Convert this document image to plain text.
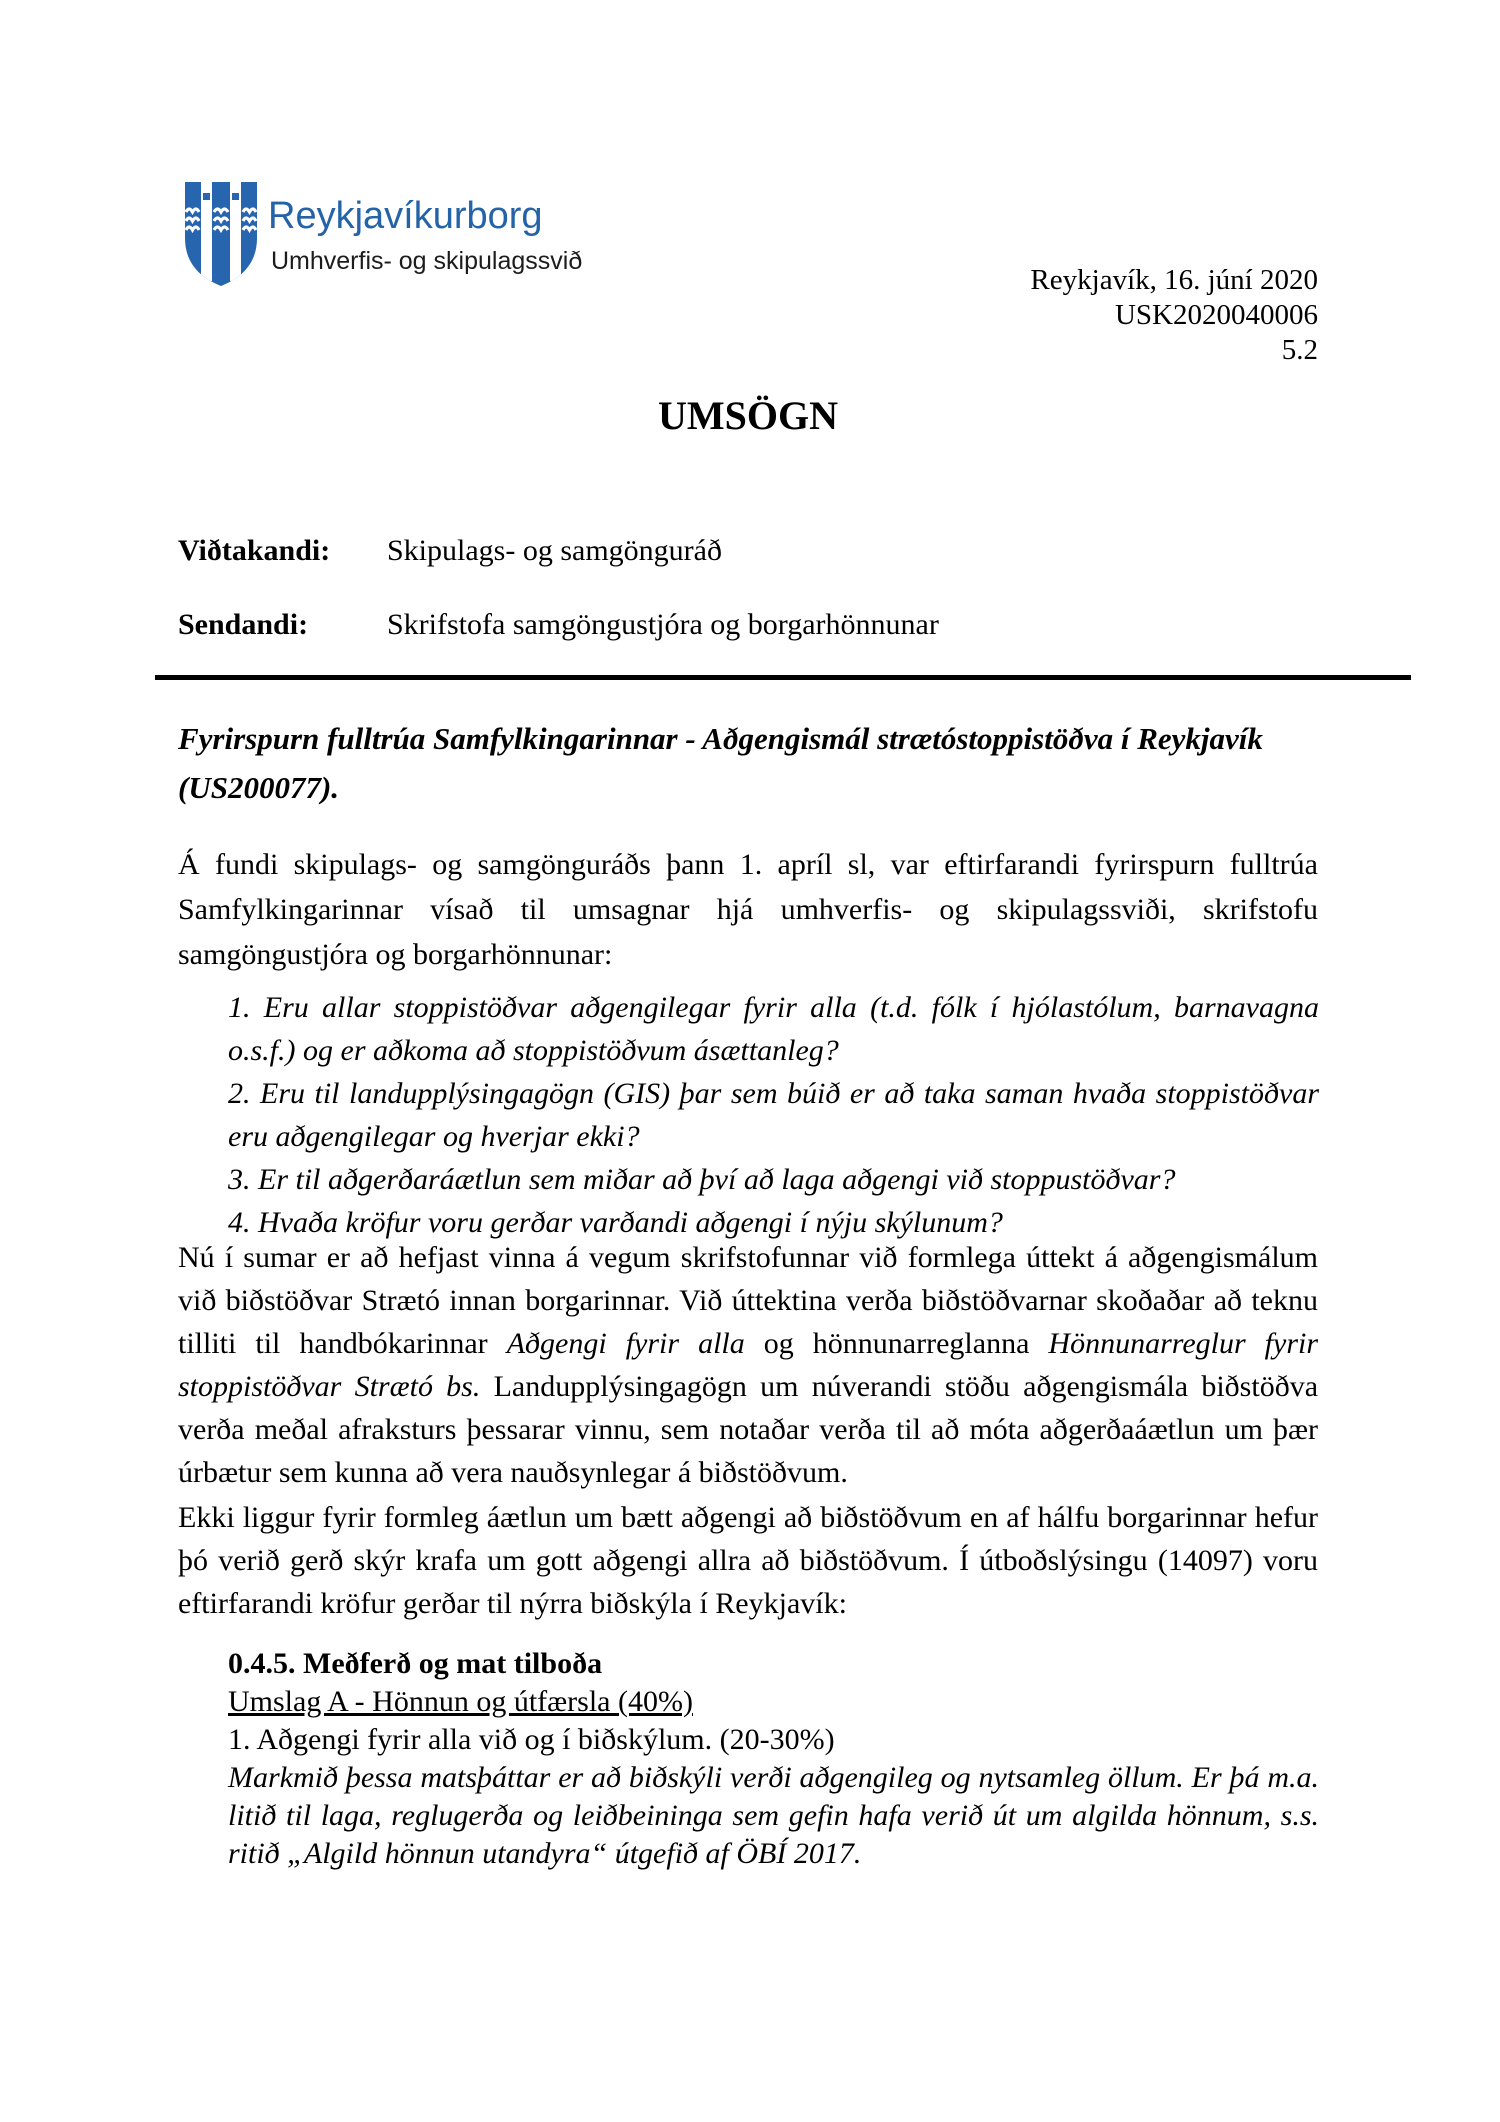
Reykjavíkurborg
Umhverfis- og skipulagssvið
Reykjavík, 16. júní 2020
USK2020040006
5.2
UMSÖGN
Viðtakandi: Skipulags- og samgönguráð
Sendandi:	Skrifstofa samgöngustjóra og borgarhönnunar
Fyrirspurn fulltrúa Samfylkingarinnar - Aðgengismál strætóstoppistöðva í Reykjavík (US200077).
Á fundi skipulags- og samgönguráðs þann 1. apríl sl, var eftirfarandi fyrirspurn fulltrúa Samfylkingarinnar vísað til umsagnar hjá umhverfis- og skipulagssviði, skrifstofu samgöngustjóra og borgarhönnunar:
1. Eru allar stoppistöðvar aðgengilegar fyrir alla (t.d. fólk í hjólastólum, barnavagna o.s.f.) og er aðkoma að stoppistöðvum ásættanleg?
2. Eru til landupplýsingagögn (GIS) þar sem búið er að taka saman hvaða stoppistöðvar eru aðgengilegar og hverjar ekki?
3. Er til aðgerðaráætlun sem miðar að því að laga aðgengi við stoppustöðvar?
4. Hvaða kröfur voru gerðar varðandi aðgengi í nýju skýlunum?
Nú í sumar er að hefjast vinna á vegum skrifstofunnar við formlega úttekt á aðgengismálum við biðstöðvar Strætó innan borgarinnar. Við úttektina verða biðstöðvarnar skoðaðar að teknu tilliti til handbókarinnar Aðgengi fyrir alla og hönnunarreglanna Hönnunarreglur fyrir stoppistöðvar Strætó bs. Landupplýsingagögn um núverandi stöðu aðgengismála biðstöðva verða meðal afraksturs þessarar vinnu, sem notaðar verða til að móta aðgerðaáætlun um þær úrbætur sem kunna að vera nauðsynlegar á biðstöðvum.
Ekki liggur fyrir formleg áætlun um bætt aðgengi að biðstöðvum en af hálfu borgarinnar hefur þó verið gerð skýr krafa um gott aðgengi allra að biðstöðvum. Í útboðslýsingu (14097) voru eftirfarandi kröfur gerðar til nýrra biðskýla í Reykjavík:
0.4.5. Meðferð og mat tilboða
Umslag A - Hönnun og útfærsla (40%)
1. Aðgengi fyrir alla við og í biðskýlum. (20-30%)
Markmið þessa matsþáttar er að biðskýli verði aðgengileg og nytsamleg öllum. Er þá m.a. litið til laga, reglugerða og leiðbeininga sem gefin hafa verið út um algilda hönnum, s.s. ritið „Algild hönnun utandyra“ útgefið af ÖBÍ 2017.
